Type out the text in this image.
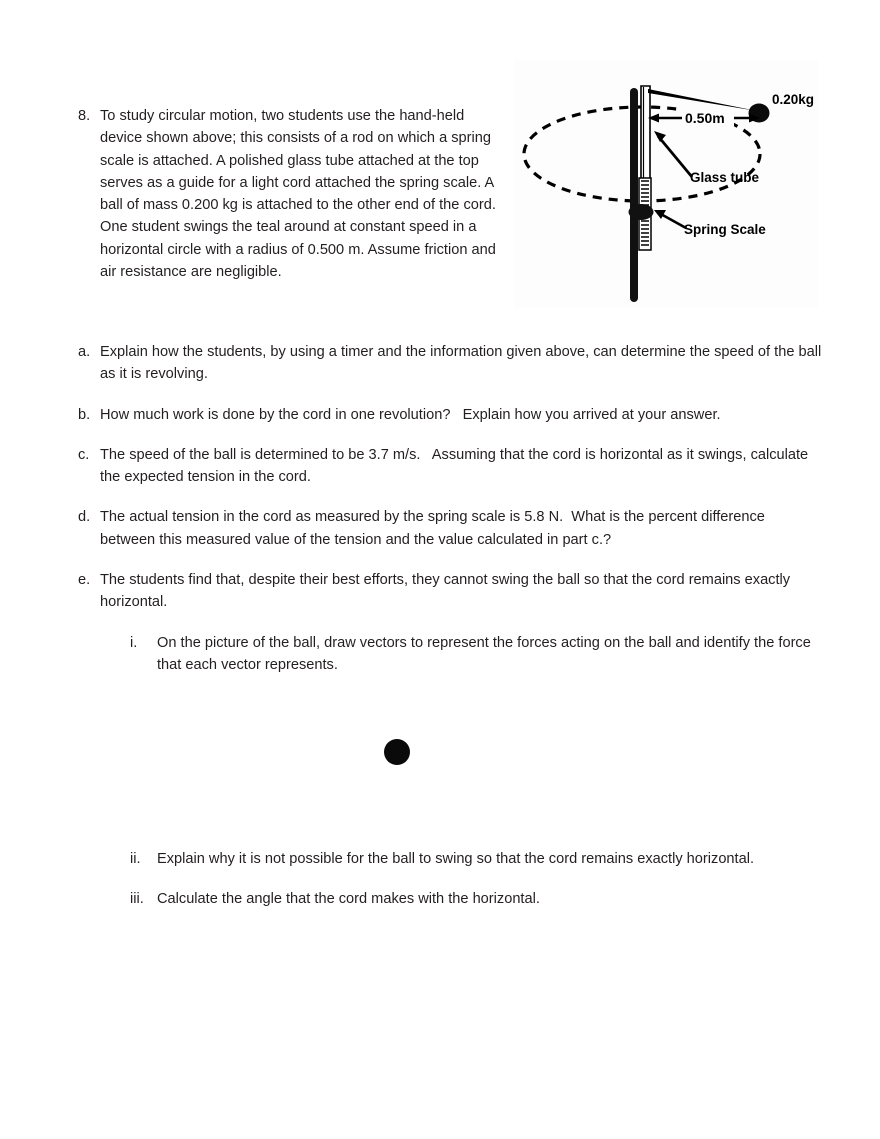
8. To study circular motion, two students use the hand-held device shown above; this consists of a rod on which a spring scale is attached. A polished glass tube attached at the top serves as a guide for a light cord attached the spring scale. A ball of mass 0.200 kg is attached to the other end of the cord. One student swings the teal around at constant speed in a horizontal circle with a radius of 0.500 m. Assume friction and air resistance are negligible.
0.20kg
0.50m
Glass tube
Spring Scale
a. Explain how the students, by using a timer and the information given above, can determine the speed of the ball as it is revolving.
b. How much work is done by the cord in one revolution?   Explain how you arrived at your answer.
c. The speed of the ball is determined to be 3.7 m/s.   Assuming that the cord is horizontal as it swings, calculate the expected tension in the cord.
d. The actual tension in the cord as measured by the spring scale is 5.8 N.  What is the percent difference between this measured value of the tension and the value calculated in part c.?
e. The students find that, despite their best efforts, they cannot swing the ball so that the cord remains exactly horizontal.
i.	On the picture of the ball, draw vectors to represent the forces acting on the ball and identify the force that each vector represents.
ii.	Explain why it is not possible for the ball to swing so that the cord remains exactly horizontal.
iii. Calculate the angle that the cord makes with the horizontal.
